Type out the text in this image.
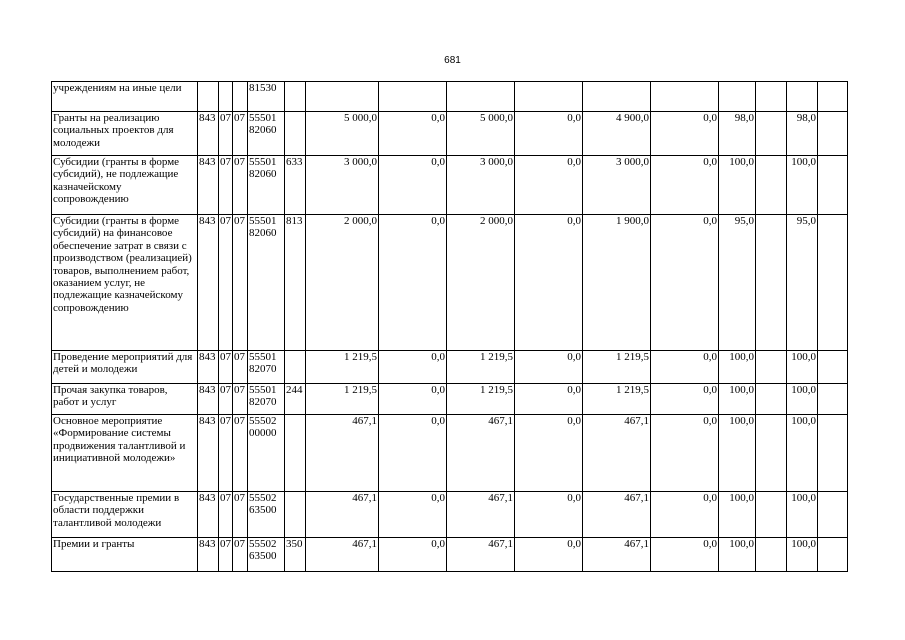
681
учреждениям на иные цели				81530											
Гранты на реализацию социальных проектов для молодежи	843	07	07	55501 82060		5 000,0	0,0	5 000,0	0,0	4 900,0	0,0	98,0		98,0	
Субсидии (гранты в форме субсидий), не подлежащие казначейскому сопровождению	843	07	07	55501 82060	633	3 000,0	0,0	3 000,0	0,0	3 000,0	0,0	100,0		100,0	
Субсидии (гранты в форме субсидий) на финансовое обеспечение затрат в связи с производством (реализацией) товаров, выполнением работ, оказанием услуг, не подлежащие казначейскому сопровождению	843	07	07	55501 82060	813	2 000,0	0,0	2 000,0	0,0	1 900,0	0,0	95,0		95,0	
Проведение мероприятий для детей и молодежи	843	07	07	55501 82070		1 219,5	0,0	1 219,5	0,0	1 219,5	0,0	100,0		100,0	
Прочая закупка товаров, работ и услуг	843	07	07	55501 82070	244	1 219,5	0,0	1 219,5	0,0	1 219,5	0,0	100,0		100,0	
Основное мероприятие «Формирование системы продвижения талантливой и инициативной молодежи»	843	07	07	55502 00000		467,1	0,0	467,1	0,0	467,1	0,0	100,0		100,0	
Государственные премии в области поддержки талантливой молодежи	843	07	07	55502 63500		467,1	0,0	467,1	0,0	467,1	0,0	100,0		100,0	
Премии и гранты	843	07	07	55502 63500	350	467,1	0,0	467,1	0,0	467,1	0,0	100,0		100,0	
